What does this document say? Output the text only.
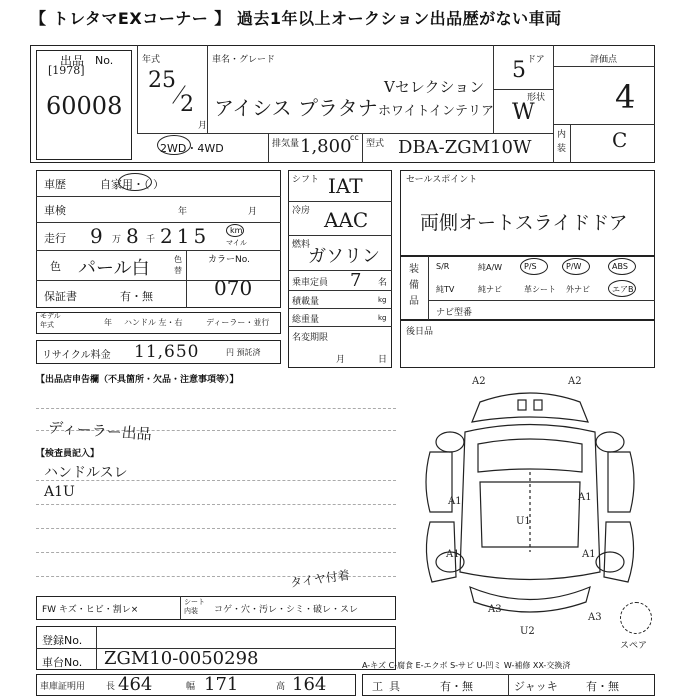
【 トレタマEXコーナー 】 過去1年以上オークション出品歴がない車両
出品 No.
[1978]
60008
年式
25
2
月
車名・グレード
アイシス プラタナ
Vセレクション
ホワイトインテリア
ドア
5
形状
W
評価点
4
内
装 C
2WD・4WD	排気量 1,800
cc
型式 DBA-ZGM10W
車歴	自家用・（ ）
車検	年	月
走行 9 万 8 千 215 km
マイル
色 パール白	色替
カラーNo.
070
保証書	有・無
モデル年式	年 ハンドル 左・右	ディーラー・並行
リサイクル料金 11,650	円 預託済
シフト IAT
冷房 AAC
燃料
ガソリン
乗車定員 7 名
積載量	kg
総重量	kg
名変期限
月	日
セールスポイント
両側オートスライドドア
装備品
S/R	純A/W	P/S	P/W	ABS
純TV	純ナビ	革シート 外ナビ	エアB
ナビ型番
後日品
【出品店申告欄（不具箇所・欠品・注意事項等）】
ディーラー出品
【検査員記入】
ハンドルスレ
A1U
A2	A2
U1
A1	A1
A1	A1
U2
A3
A3
スペア
FW キズ・ヒビ・割レ×
シート内装	コゲ・穴・汚レ・シミ・破レ・スレ
タイヤ付着
登録No.
車台No. ZGM10-0050298	A-キズ C-腐食 E-エクボ S-サビ U-凹ミ W-補修 XX-交換済
車庫証明用 長 464	幅 171	高 164	工具	有・無	ジャッキ	有・無
